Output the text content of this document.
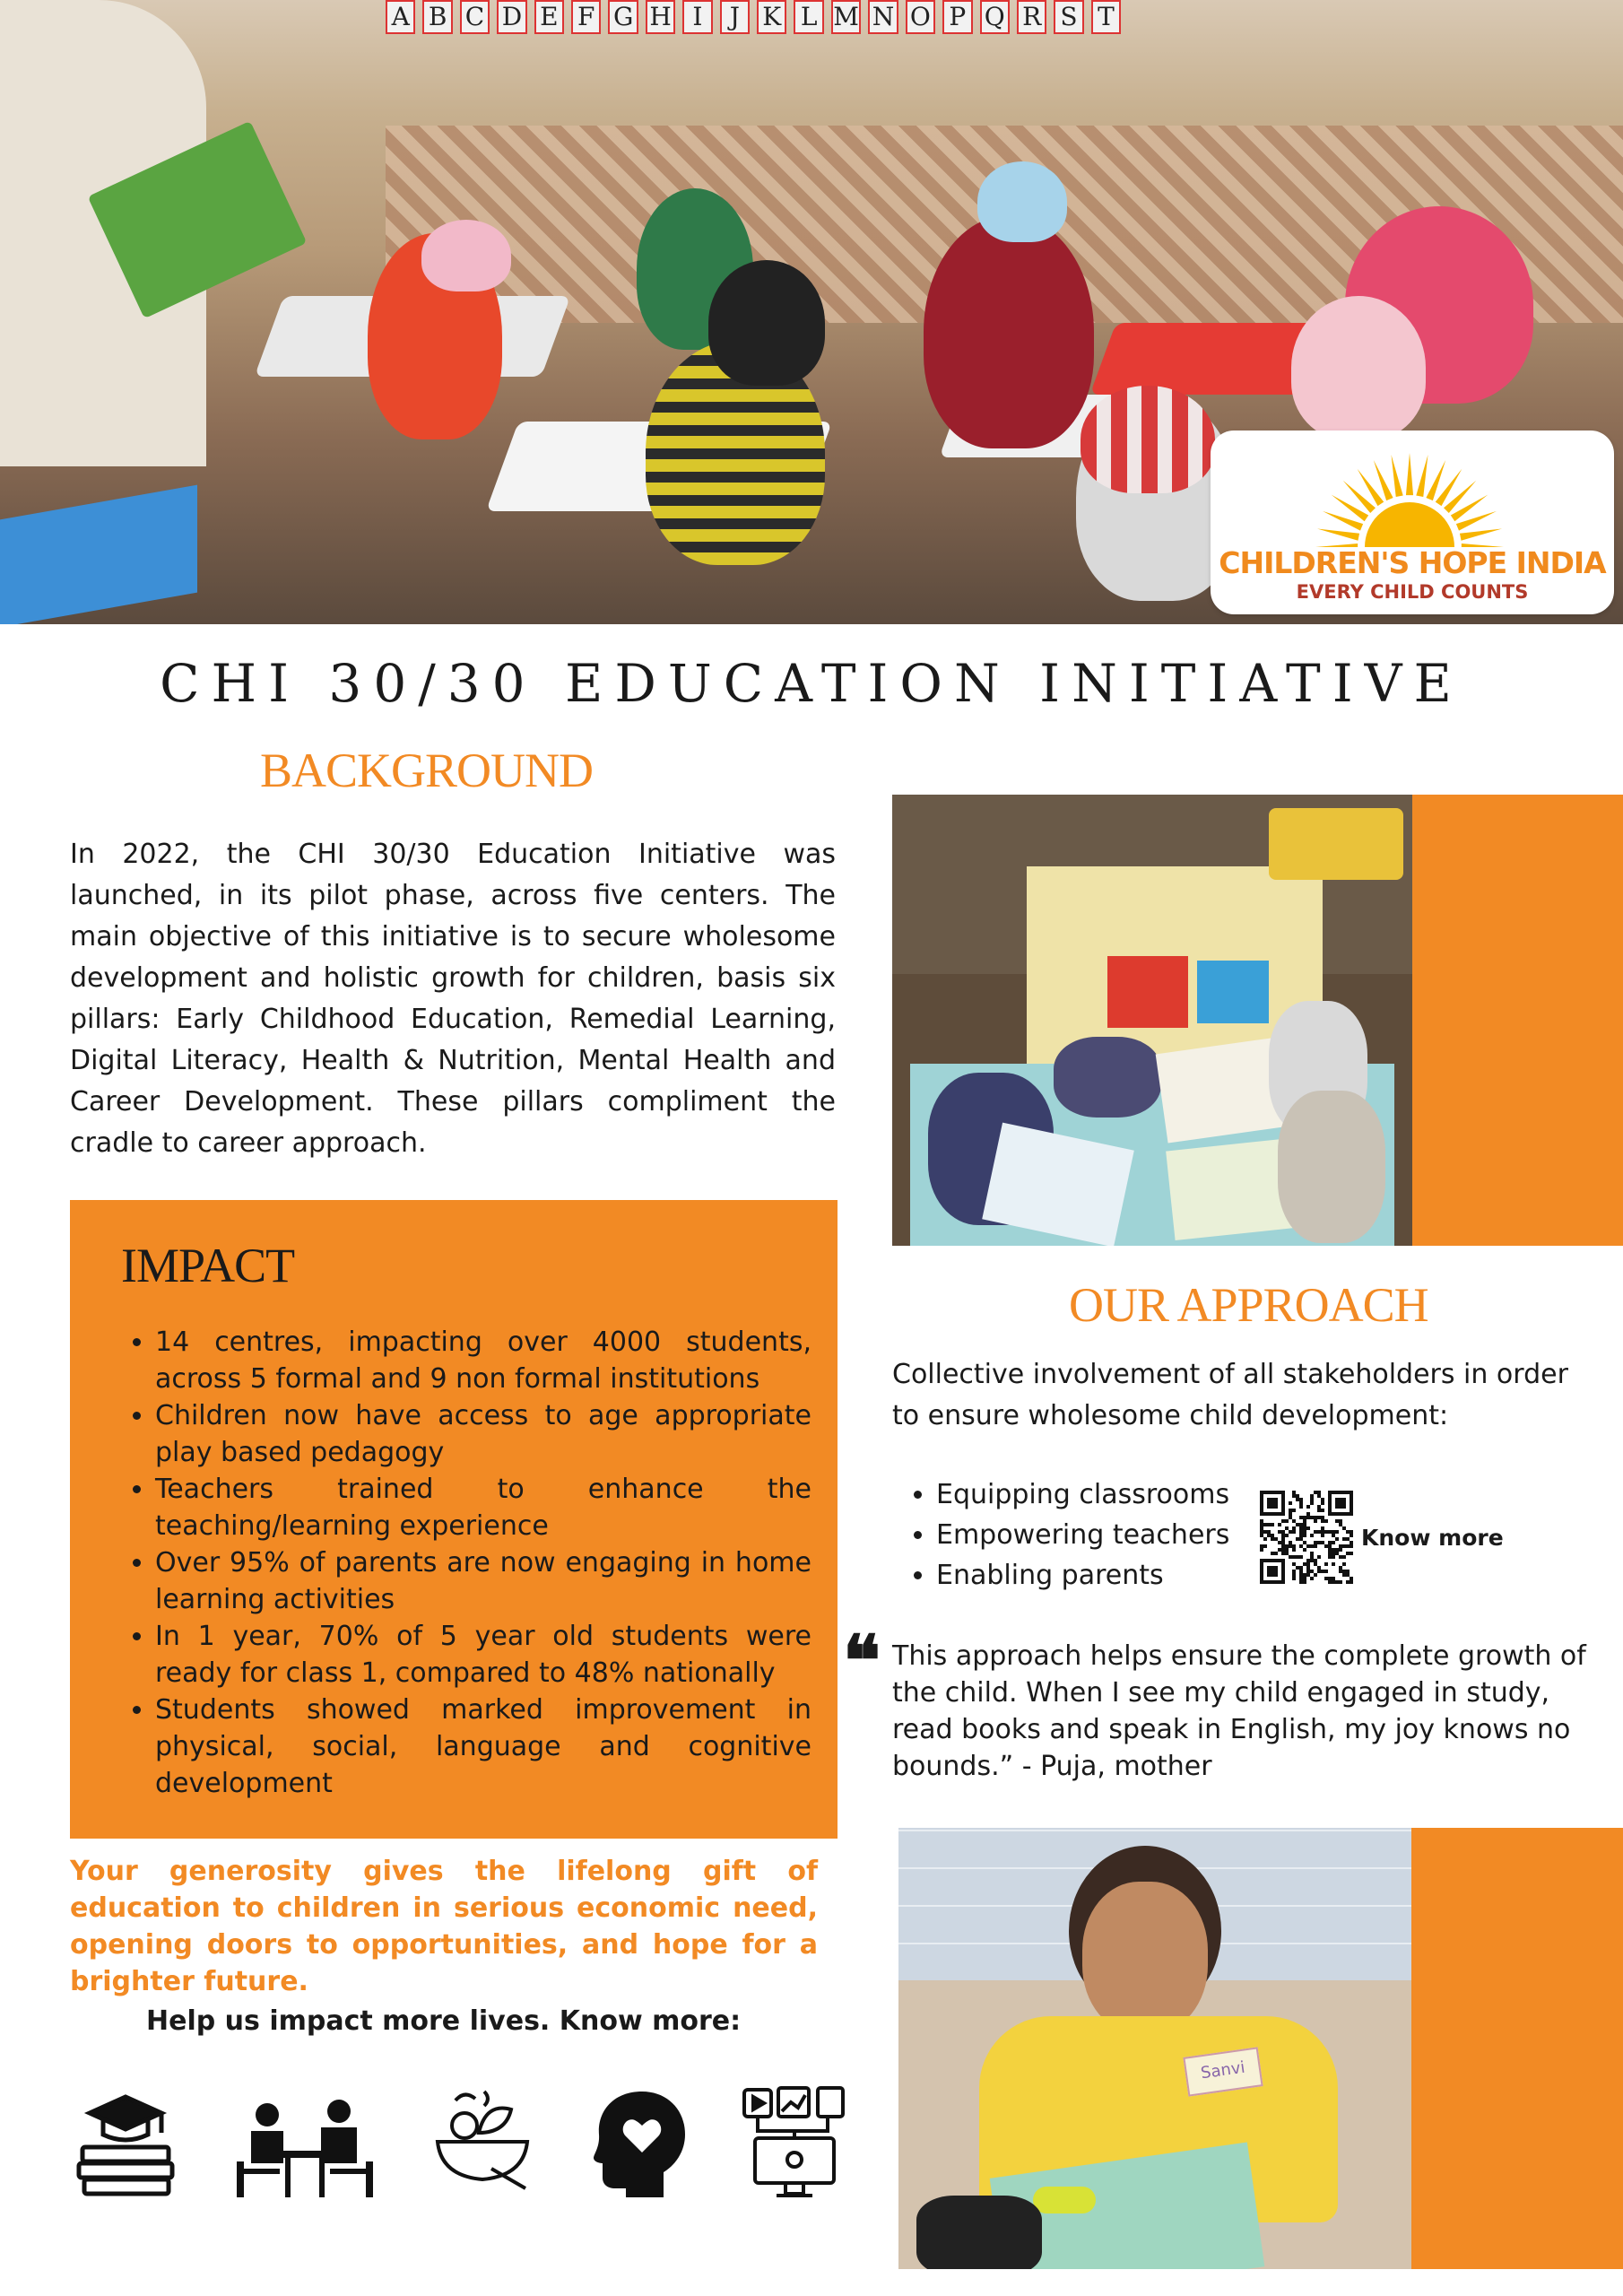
A B C D E F G H I	J K L M N O P Q R S T
CHILDREN'S HOPE INDIA
EVERY CHILD COUNTS
CHI 30/30 EDUCATION INITIATIVE
BACKGROUND
In 2022, the CHI 30/30 Education Initiative was launched, in its pilot phase, across five centers. The main objective of this initiative is to secure wholesome development and holistic growth for children, basis six pillars: Early Childhood Education, Remedial Learning, Digital Literacy, Health & Nutrition, Mental Health and Career Development. These pillars compliment the cradle to career approach.
IMPACT
• 14 centres, impacting over 4000 students, across 5 formal and 9 non formal institutions
• Children now have access to age appropriate play based pedagogy
• Teachers trained to enhance the teaching/learning experience
• Over 95% of parents are now engaging in home learning activities
• In 1 year, 70% of 5 year old students were ready for class 1, compared to 48% nationally
• Students showed marked improvement in physical, social, language and cognitive development
Your generosity gives the lifelong gift of education to children in serious economic need, opening doors to opportunities, and hope for a brighter future.
Help us impact more lives. Know more:
OUR APPROACH
Collective involvement of all stakeholders in order to ensure wholesome child development:
• Equipping classrooms
• Empowering teachers
• Enabling parents
Know more
❝ This approach helps ensure the complete growth of the child. When I see my child engaged in study, read books and speak in English, my joy knows no bounds.” - Puja, mother
Sanvi
